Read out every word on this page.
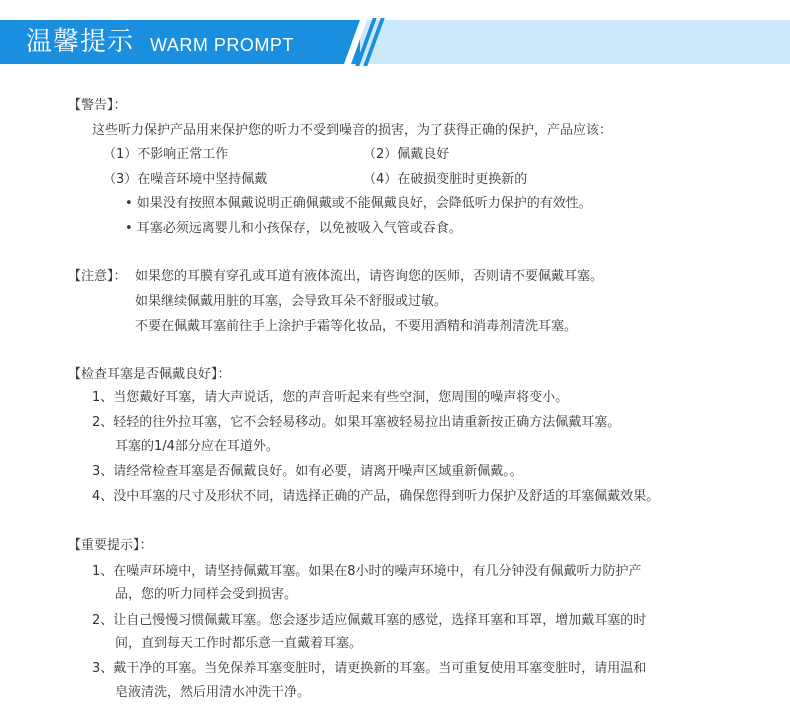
温馨提示 WARM PROMPT
【警告】：
这些听力保护产品用来保护您的听力不受到噪音的损害，为了获得正确的保护，产品应该：
（1）不影响正常工作	（2）佩戴良好
（3）在噪音环境中坚持佩戴	（4）在破损变脏时更换新的
• 如果没有按照本佩戴说明正确佩戴或不能佩戴良好，会降低听力保护的有效性。
• 耳塞必须远离婴儿和小孩保存，以免被吸入气管或吞食。
【注意】： 如果您的耳膜有穿孔或耳道有液体流出，请咨询您的医师，否则请不要佩戴耳塞。
如果继续佩戴用脏的耳塞，会导致耳朵不舒服或过敏。
不要在佩戴耳塞前往手上涂护手霜等化妆品，不要用酒精和消毒剂清洗耳塞。
【检查耳塞是否佩戴良好】：
1、当您戴好耳塞，请大声说话，您的声音听起来有些空洞，您周围的噪声将变小。
2、轻轻的往外拉耳塞，它不会轻易移动。如果耳塞被轻易拉出请重新按正确方法佩戴耳塞。
耳塞的1/4部分应在耳道外。
3、请经常检查耳塞是否佩戴良好。如有必要，请离开噪声区域重新佩戴。。
4、没中耳塞的尺寸及形状不同，请选择正确的产品，确保您得到听力保护及舒适的耳塞佩戴效果。
【重要提示】：
1、在噪声环境中，请坚持佩戴耳塞。如果在8小时的噪声环境中，有几分钟没有佩戴听力防护产
品，您的听力同样会受到损害。
2、让自己慢慢习惯佩戴耳塞。您会逐步适应佩戴耳塞的感觉，选择耳塞和耳罩，增加戴耳塞的时
间，直到每天工作时都乐意一直戴着耳塞。
3、戴干净的耳塞。当免保养耳塞变脏时，请更换新的耳塞。当可重复使用耳塞变脏时，请用温和
皂液清洗，然后用清水冲洗干净。
